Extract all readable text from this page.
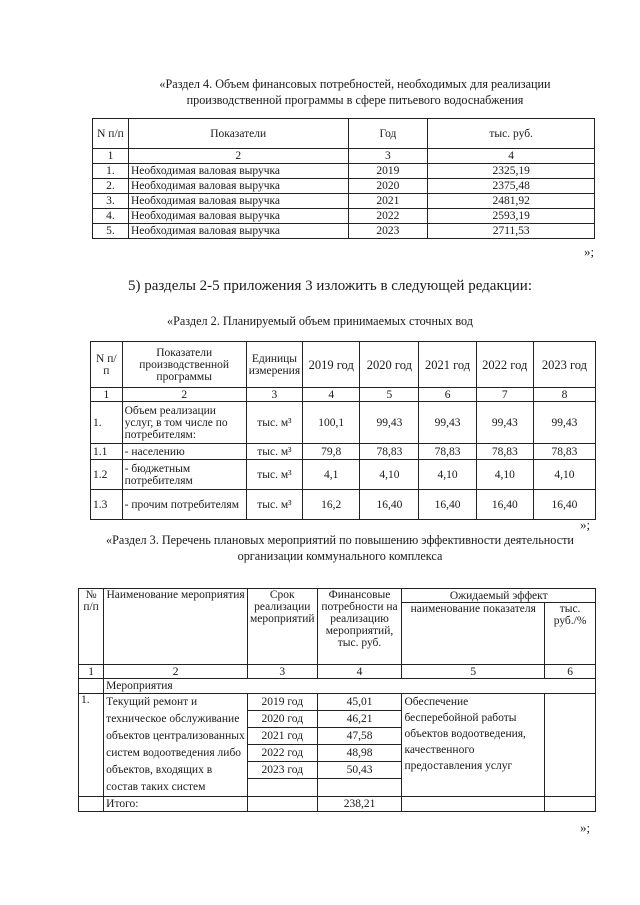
«Раздел 4. Объем финансовых потребностей, необходимых для реализации
производственной программы в сфере питьевого водоснабжения
N п/п	Показатели	Год	тыс. руб.
1	2	3	4
1.	Необходимая валовая выручка	2019	2325,19
2.	Необходимая валовая выручка	2020	2375,48
3.	Необходимая валовая выручка	2021	2481,92
4.	Необходимая валовая выручка	2022	2593,19
5.	Необходимая валовая выручка	2023	2711,53
»;
5) разделы 2-5 приложения 3 изложить в следующей редакции:
«Раздел 2. Планируемый объем принимаемых сточных вод
N п/п	Показатели производственной программы	Единицы измерения	2019 год	2020 год	2021 год	2022 год	2023 год
1	2	3	4	5	6	7	8
1.	Объем реализации услуг, в том числе по потребителям:	тыс. м³	100,1	99,43	99,43	99,43	99,43
1.1	- населению	тыс. м³	79,8	78,83	78,83	78,83	78,83
1.2	- бюджетным потребителям	тыс. м³	4,1	4,10	4,10	4,10	4,10
1.3	- прочим потребителям	тыс. м³	16,2	16,40	16,40	16,40	16,40
»;
«Раздел 3. Перечень плановых мероприятий по повышению эффективности деятельности
организации коммунального комплекса
№ п/п	Наименование мероприятия	Срок реализации мероприятий	Финансовые потребности на реализацию мероприятий, тыс. руб.	Ожидаемый эффект	
				наименование показателя	тыс. руб./%
1	2	3	4	5	6
	Мероприятия				
1.	Текущий ремонт и техническое обслуживание объектов централизованных систем водоотведения либо объектов, входящих в состав таких систем	2019 год	45,01	Обеспечение бесперебойной работы объектов водоотведения, качественного предоставления услуг	
		2020 год	46,21		
		2021 год	47,58		
		2022 год	48,98		
		2023 год	50,43		

	Итого:		238,21		
»;
